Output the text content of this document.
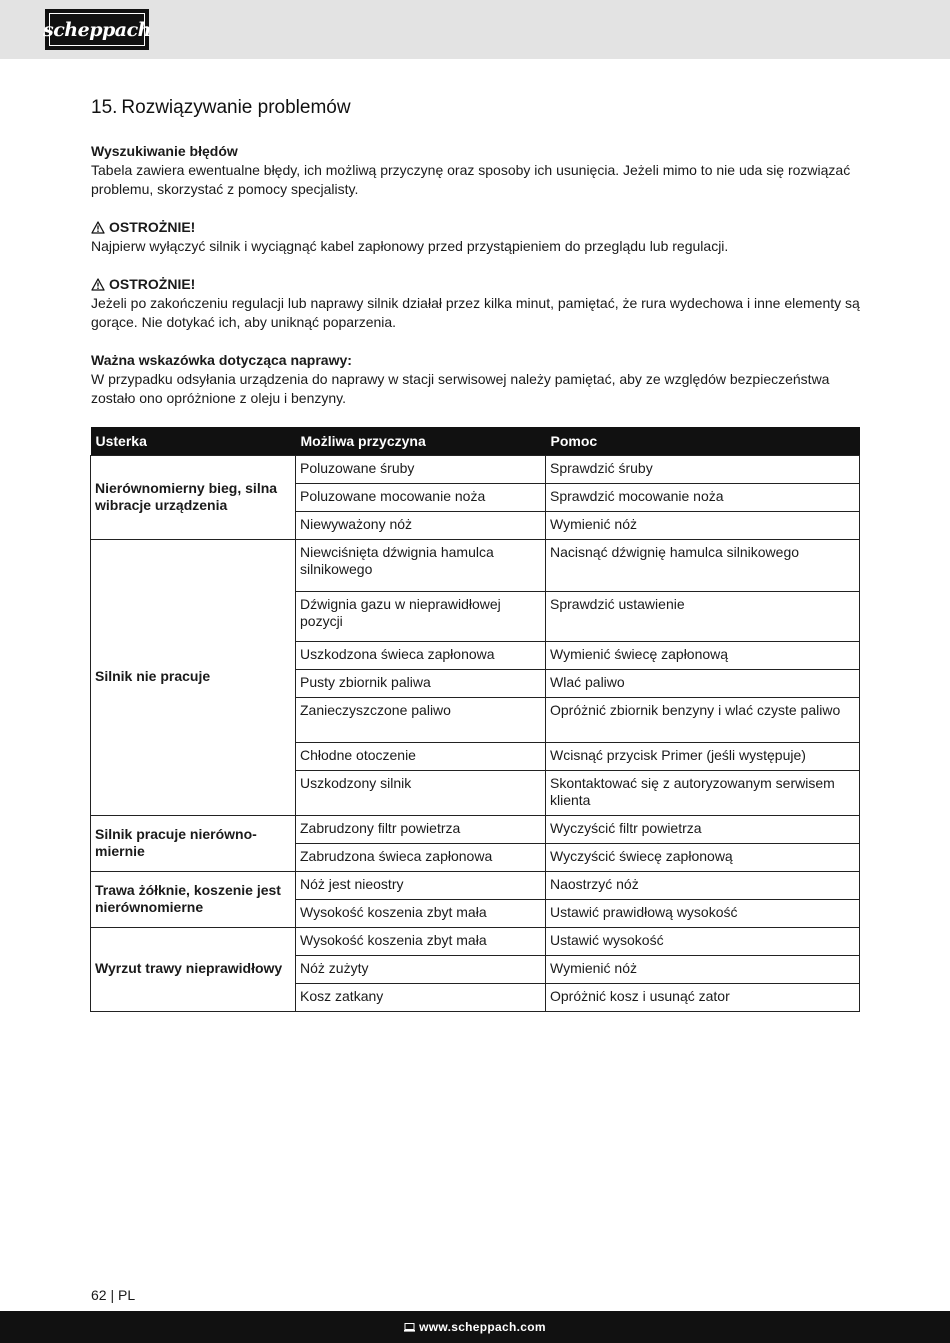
scheppach
15. Rozwiązywanie problemów

Wyszukiwanie błędów

Tabela zawiera ewentualne błędy, ich możliwą przyczynę oraz sposoby ich usunięcia. Jeżeli mimo to nie uda się rozwiązać problemu, skorzystać z pomocy specjalisty.

OSTROŻNIE!

Najpierw wyłączyć silnik i wyciągnąć kabel zapłonowy przed przystąpieniem do przeglądu lub regulacji.

OSTROŻNIE!

Jeżeli po zakończeniu regulacji lub naprawy silnik działał przez kilka minut, pamiętać, że rura wydechowa i inne elementy są gorące. Nie dotykać ich, aby uniknąć poparzenia.

Ważna wskazówka dotycząca naprawy:

W przypadku odsyłania urządzenia do naprawy w stacji serwisowej należy pamiętać, aby ze względów bezpieczeństwa zostało ono opróżnione z oleju i benzyny.

Usterka	Możliwa przyczyna	Pomoc
Nierównomierny bieg, silna wibracje urządzenia	Poluzowane śruby	Sprawdzić śruby
	Poluzowane mocowanie noża	Sprawdzić mocowanie noża
	Niewyważony nóż	Wymienić nóż
Silnik nie pracuje	Niewciśnięta dźwignia hamulca silnikowego	Nacisnąć dźwignię hamulca silnikowego
	Dźwignia gazu w nieprawidłowej pozycji	Sprawdzić ustawienie
	Uszkodzona świeca zapłonowa	Wymienić świecę zapłonową
	Pusty zbiornik paliwa	Wlać paliwo
	Zanieczyszczone paliwo	Opróżnić zbiornik benzyny i wlać czyste paliwo
	Chłodne otoczenie	Wcisnąć przycisk Primer (jeśli występuje)
	Uszkodzony silnik	Skontaktować się z autoryzowanym serwisem klienta
Silnik pracuje nierównomiernie	Zabrudzony filtr powietrza	Wyczyścić filtr powietrza
	Zabrudzona świeca zapłonowa	Wyczyścić świecę zapłonową
Trawa żółknie, koszenie jest nierównomierne	Nóż jest nieostry	Naostrzyć nóż
	Wysokość koszenia zbyt mała	Ustawić prawidłową wysokość
Wyrzut trawy nieprawidłowy	Wysokość koszenia zbyt mała	Ustawić wysokość
	Nóż zużyty	Wymienić nóż
	Kosz zatkany	Opróżnić kosz i usunąć zator
62 | PL
www.scheppach.com
